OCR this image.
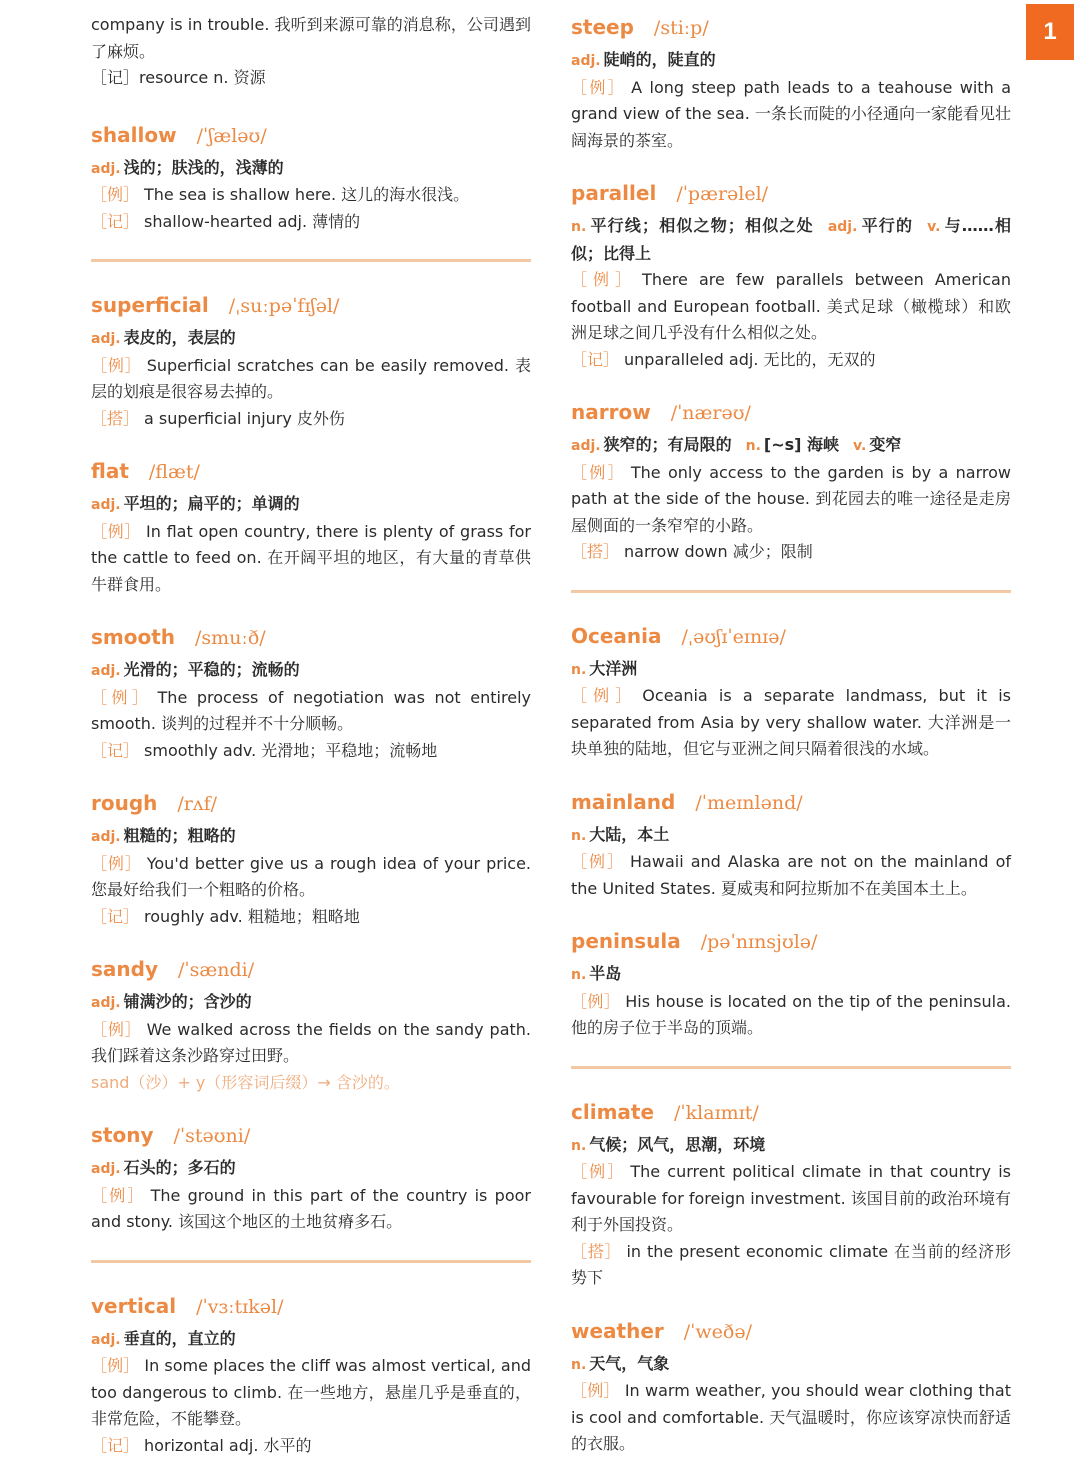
1

company is in trouble. 我听到来源可靠的消息称，公司遇到了麻烦。

［记］resource n. 资源

shallow /ˈʃæləʊ/

adj. 浅的；肤浅的，浅薄的

［例］ The sea is shallow here. 这儿的海水很浅。

［记］ shallow-hearted adj. 薄情的

superficial /ˌsuːpəˈfɪʃəl/

adj. 表皮的，表层的

［例］ Superficial scratches can be easily removed. 表层的划痕是很容易去掉的。

［搭］ a superficial injury 皮外伤

flat /flæt/

adj. 平坦的；扁平的；单调的

［例］ In flat open country, there is plenty of grass for the cattle to feed on. 在开阔平坦的地区，有大量的青草供牛群食用。

smooth /smuːð/

adj. 光滑的；平稳的；流畅的

［例］ The process of negotiation was not entirely smooth. 谈判的过程并不十分顺畅。

［记］ smoothly adv. 光滑地；平稳地；流畅地

rough /rʌf/

adj. 粗糙的；粗略的

［例］ You'd better give us a rough idea of your price. 您最好给我们一个粗略的价格。

［记］ roughly adv. 粗糙地；粗略地

sandy /ˈsændi/

adj. 铺满沙的；含沙的

［例］ We walked across the fields on the sandy path. 我们踩着这条沙路穿过田野。

sand（沙）+ y（形容词后缀）→ 含沙的。

stony /ˈstəʊni/

adj. 石头的；多石的

［例］ The ground in this part of the country is poor and stony. 该国这个地区的土地贫瘠多石。

vertical /ˈvɜːtɪkəl/

adj. 垂直的，直立的

［例］ In some places the cliff was almost vertical, and too dangerous to climb. 在一些地方，悬崖几乎是垂直的，非常危险，不能攀登。

［记］ horizontal adj. 水平的

steep /stiːp/

adj. 陡峭的，陡直的

［例］ A long steep path leads to a teahouse with a grand view of the sea. 一条长而陡的小径通向一家能看见壮阔海景的茶室。

parallel /ˈpærəlel/

n. 平行线；相似之物；相似之处 adj. 平行的 v. 与……相似；比得上

［例］ There are few parallels between American football and European football. 美式足球（橄榄球）和欧洲足球之间几乎没有什么相似之处。

［记］ unparalleled adj. 无比的，无双的

narrow /ˈnærəʊ/

adj. 狭窄的；有局限的 n. [~s] 海峡 v. 变窄

［例］ The only access to the garden is by a narrow path at the side of the house. 到花园去的唯一途径是走房屋侧面的一条窄窄的小路。

［搭］ narrow down 减少；限制

Oceania /ˌəʊʃɪˈeɪnɪə/

n. 大洋洲

［例］ Oceania is a separate landmass, but it is separated from Asia by very shallow water. 大洋洲是一块单独的陆地，但它与亚洲之间只隔着很浅的水域。

mainland /ˈmeɪnlənd/

n. 大陆，本土

［例］ Hawaii and Alaska are not on the mainland of the United States. 夏威夷和阿拉斯加不在美国本土上。

peninsula /pəˈnɪnsjʊlə/

n. 半岛

［例］ His house is located on the tip of the peninsula. 他的房子位于半岛的顶端。

climate /ˈklaɪmɪt/

n. 气候；风气，思潮，环境

［例］ The current political climate in that country is favourable for foreign investment. 该国目前的政治环境有利于外国投资。

［搭］ in the present economic climate 在当前的经济形势下

weather /ˈweðə/

n. 天气，气象

［例］ In warm weather, you should wear clothing that is cool and comfortable. 天气温暖时，你应该穿凉快而舒适的衣服。
